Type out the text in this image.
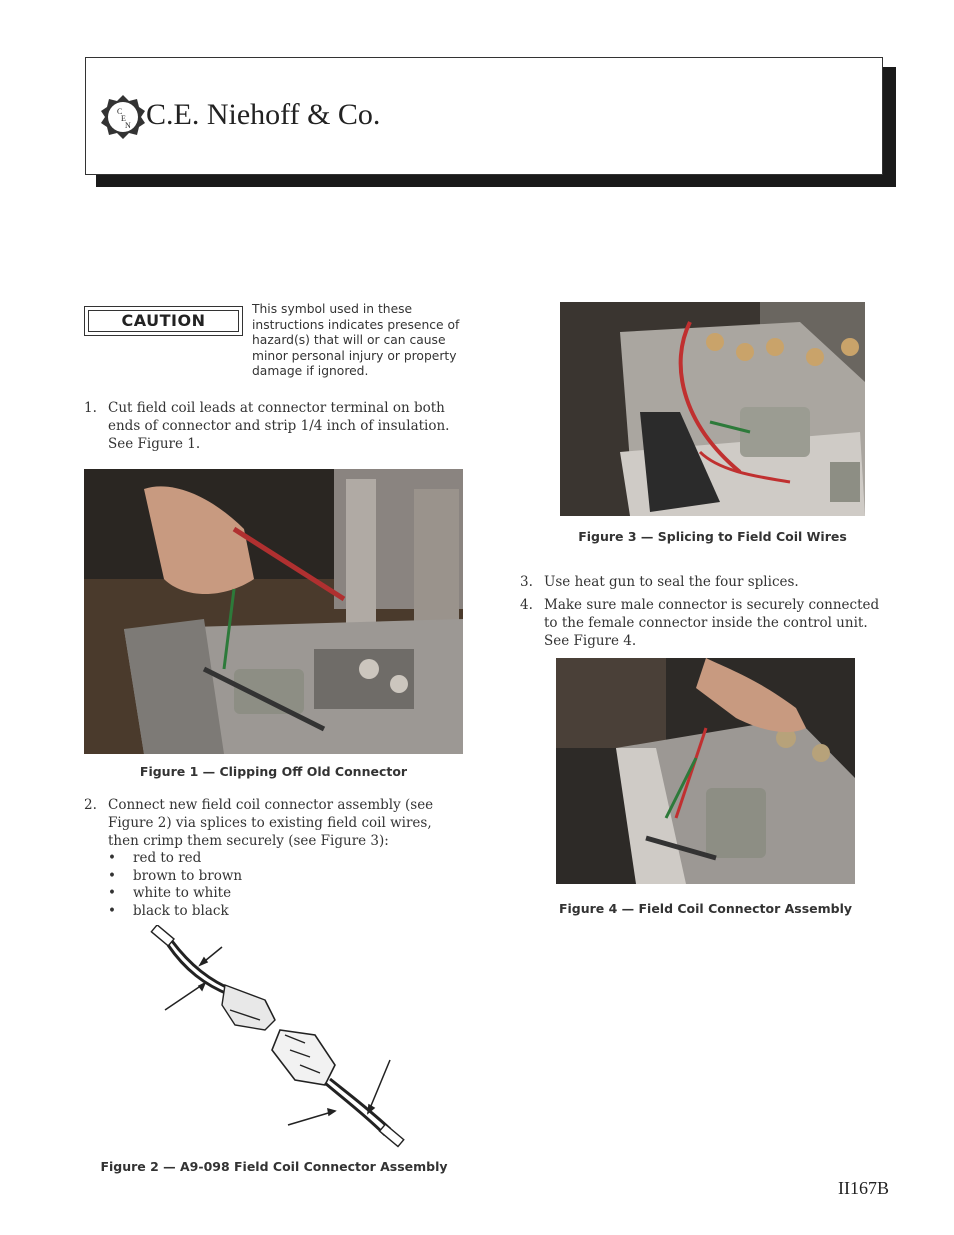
C
E
N C.E. Niehoff & Co.
CAUTION
This symbol used in these instructions indicates presence of hazard(s) that will or can cause minor personal injury or property damage if ignored.
1. Cut field coil leads at connector terminal on both ends of connector and strip 1/4 inch of insulation. See Figure 1.
Figure 1 — Clipping Off Old Connector
2. Connect new field coil connector assembly (see Figure 2) via splices to existing field coil wires, then crimp them securely (see Figure 3):
• red to red
• brown to brown
• white to white
• black to black
Figure 2 — A9-098 Field Coil Connector Assembly
Figure 3 — Splicing to Field Coil Wires
3. Use heat gun to seal the four splices.
4. Make sure male connector is securely connected to the female connector inside the control unit. See Figure 4.
Figure 4 — Field Coil Connector Assembly
II167B
